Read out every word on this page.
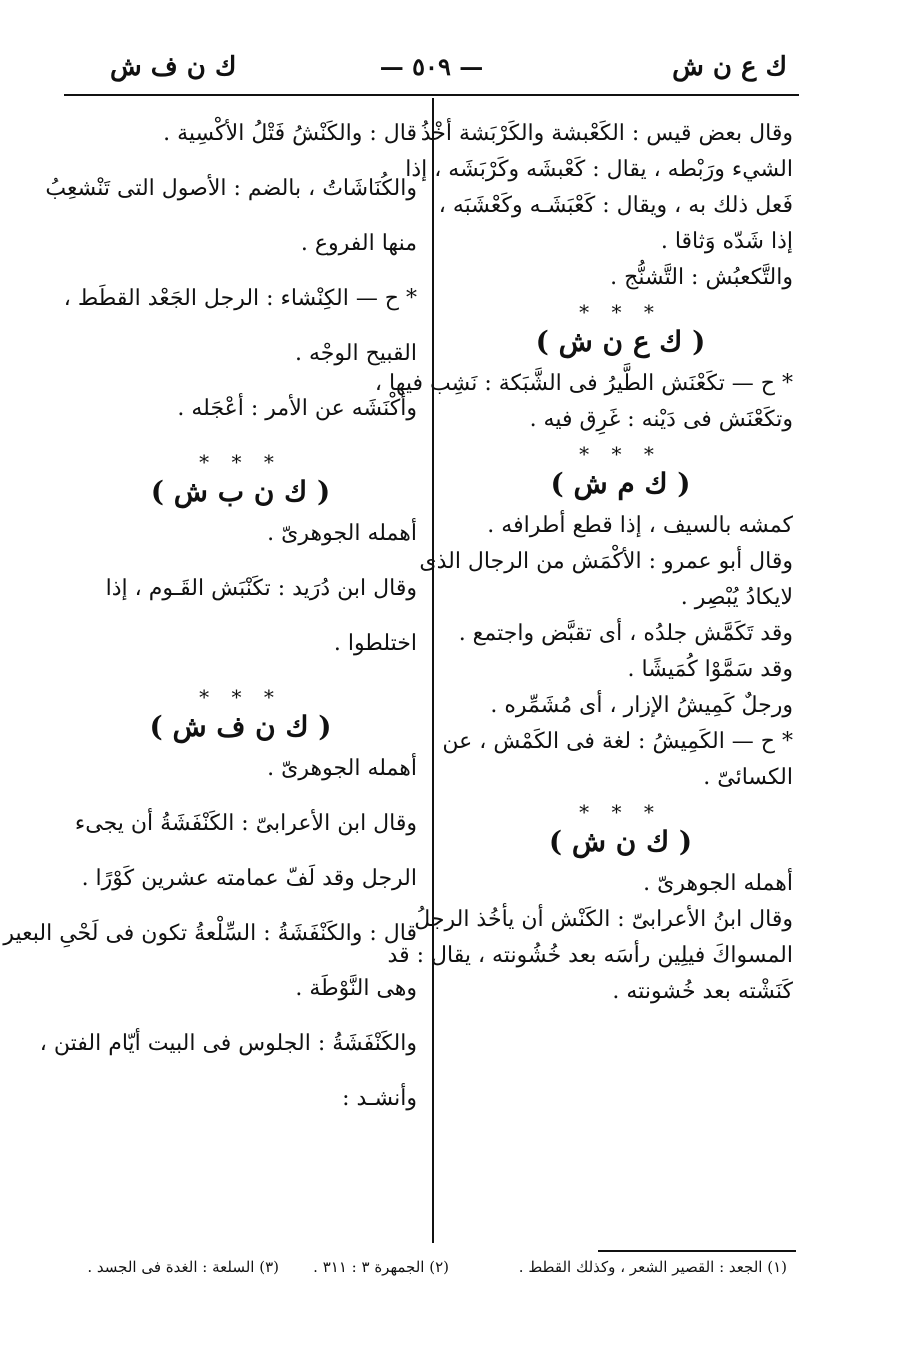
ك ن ف ش	— ٥٠٩ —	ك ع ن ش
وقال بعض قيس : الكَعْبشة والكَرْبَشة أخْذُ
الشيء ورَبْطه ، يقال : كَعْبشَه وكَرْبَشَه ، إذا
فَعل ذلك به ، ويقال : كَعْبَشَـه وكَعْشَبَه ،
إذا شَدّه وَثاقا .
والتَّكعبُش : التَّشنُّج .
* * *
( ك ع ن ش )
* ح — تكَعْنَش الطَّيرُ فى الشَّبَكة : نَشِب فيها ،
وتكَعْنَش فى دَيْنه : غَرِق فيه .
* * *
( ك م ش )
كمشه بالسيف ، إذا قطع أطرافه .
وقال أبو عمرو : الأكْمَش من الرجال الذى
لايكادُ يُبْصِر .
وقد تَكَمَّش جلدُه ، أى تقبَّض واجتمع .
وقد سَمَّوْا كُمَيشًا .
ورجلٌ كَمِيشُ الإزار ، أى مُشَمِّره .
* ح — الكَمِيشُ : لغة فى الكَمْش ، عن
الكسائىّ .
* * *
( ك ن ش )
أهمله الجوهرىّ .
وقال ابنُ الأعرابىّ : الكَنْش أن يأخُذ الرجلُ
المسواكَ فيلِين رأسَه بعد خُشُونته ، يقال : قد
كَنَشْته بعد خُشونته .
قال : والكَنْشُ فَتْلُ الأكْسِية .
والكُنَاشَاتُ ، بالضم : الأصول التى تَنْشعِبُ
منها الفروع .
* ح — الكِنْشاء : الرجل الجَعْد القطَط ،
القبيح الوجْه .
وأكْنَشَه عن الأمر : أعْجَله .
* * *
( ك ن ب ش )
أهمله الجوهرىّ .
وقال ابن دُرَيد : تكَنْبَش القَـوم ، إذا
اختلطوا .
* * *
( ك ن ف ش )
أهمله الجوهرىّ .
وقال ابن الأعرابىّ : الكَنْفَشَةُ أن يجىء
الرجل وقد لَفّ عمامته عشرين كَوْرًا .
قال : والكَنْفَشَةُ : السِّلْعةُ تكون فى لَحْىِ البعير
وهى النَّوْطَة .
والكَنْفَشَةُ : الجلوس فى البيت أيّام الفتن ،
وأنشـد :
(١) الجعد : القصير الشعر ، وكذلك القطط .
(٢) الجمهرة ٣ : ٣١١ .
(٣) السلعة : الغدة فى الجسد .
